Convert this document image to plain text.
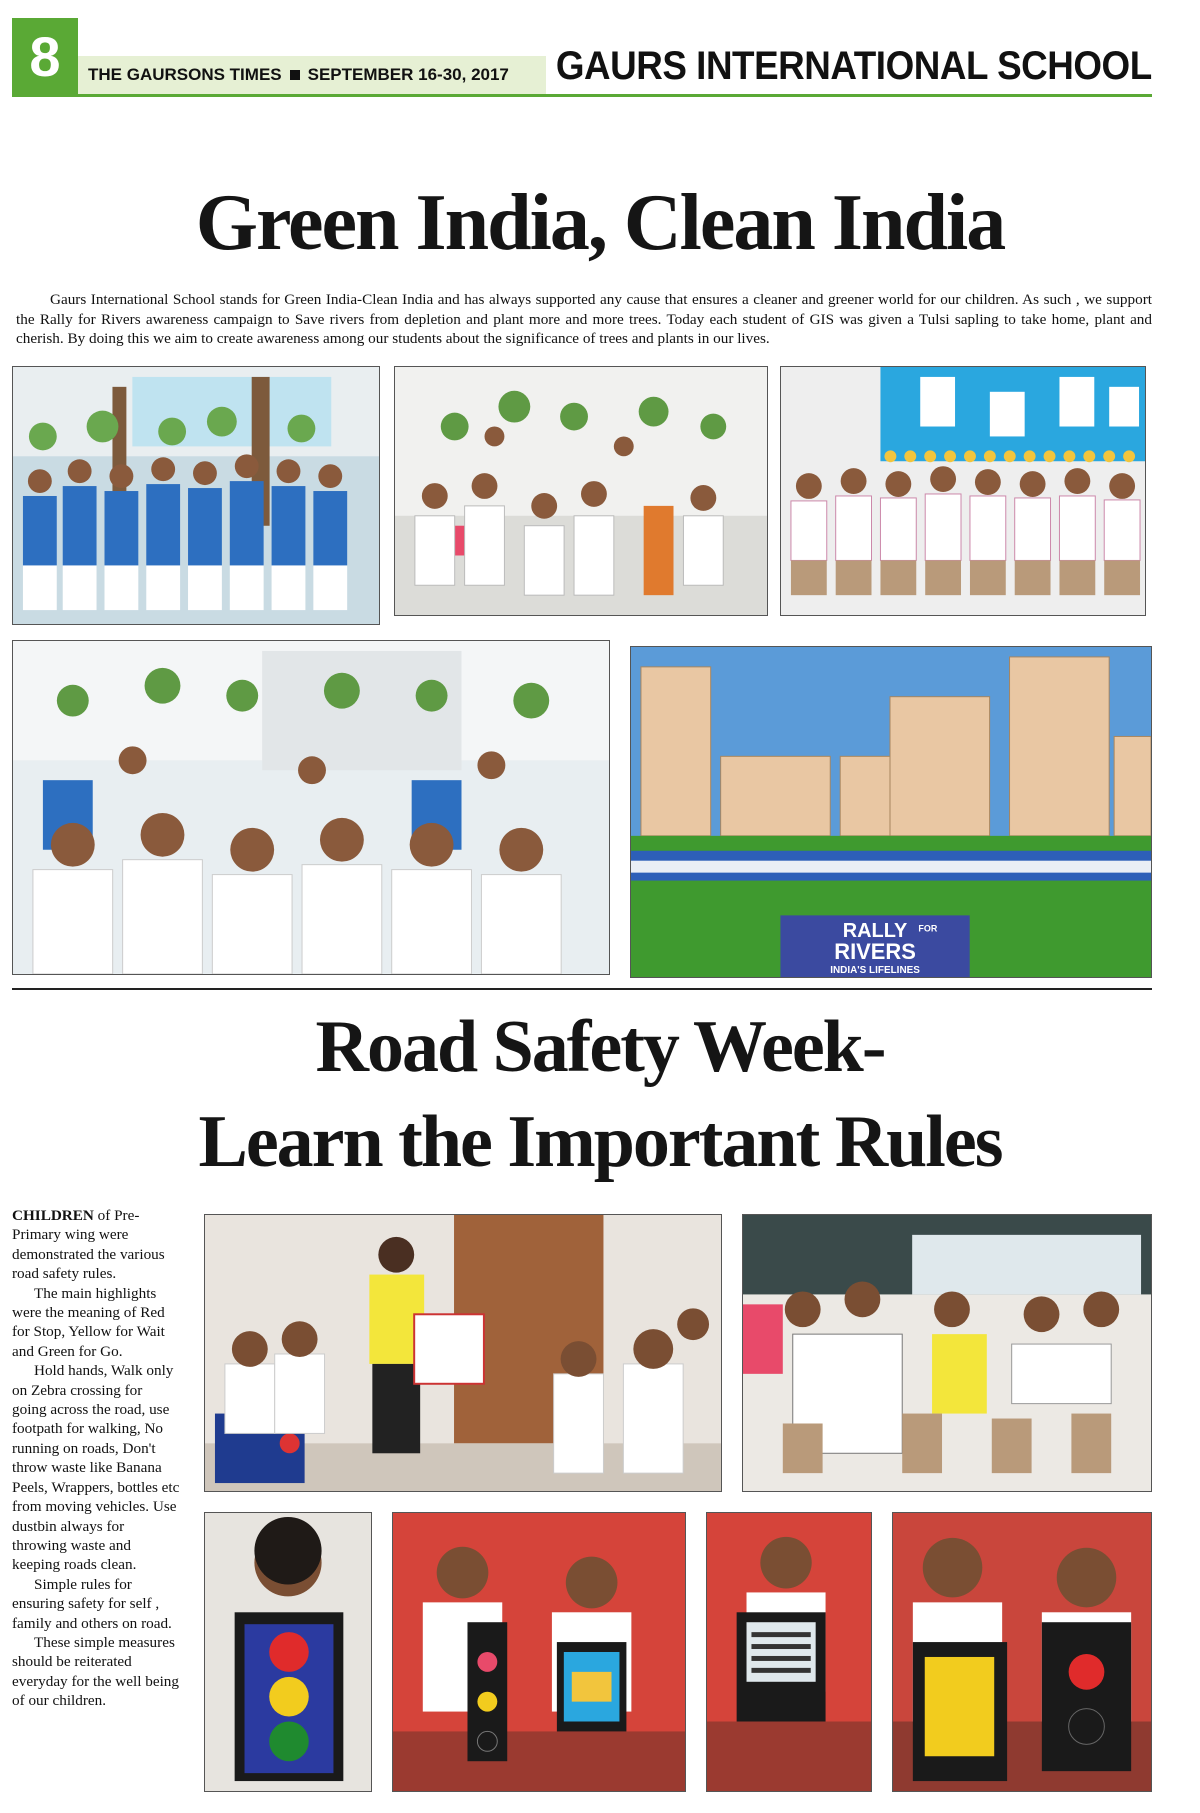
8	THE GAURSONS TIMES SEPTEMBER 16-30, 2017 GAURS INTERNATIONAL SCHOOL
Green India, Clean India
Gaurs International School stands for Green India-Clean India and has always supported any cause that ensures a cleaner and greener world for our children. As such , we support the Rally for Rivers awareness campaign to Save rivers from depletion and plant more and more trees. Today each student of GIS was given a Tulsi sapling to take home, plant and cherish. By doing this we aim to create awareness among our students about the significance of trees and plants in our lives.
RALLY
RIVERS
FOR
INDIA'S LIFELINES
Road Safety Week-
Learn the Important Rules

CHILDREN of Pre-Primary wing were demonstrated the various road safety rules.

The main highlights were the meaning of Red for Stop, Yellow for Wait and Green for Go.

Hold hands, Walk only on Zebra crossing for going across the road, use footpath for walking, No running on roads, Don't throw waste like Banana Peels, Wrappers, bottles etc from moving vehicles. Use dustbin always for throwing waste and keeping roads clean.

Simple rules for ensuring safety for self , family and others on road.

These simple measures should be reiterated everyday for the well being of our children.
